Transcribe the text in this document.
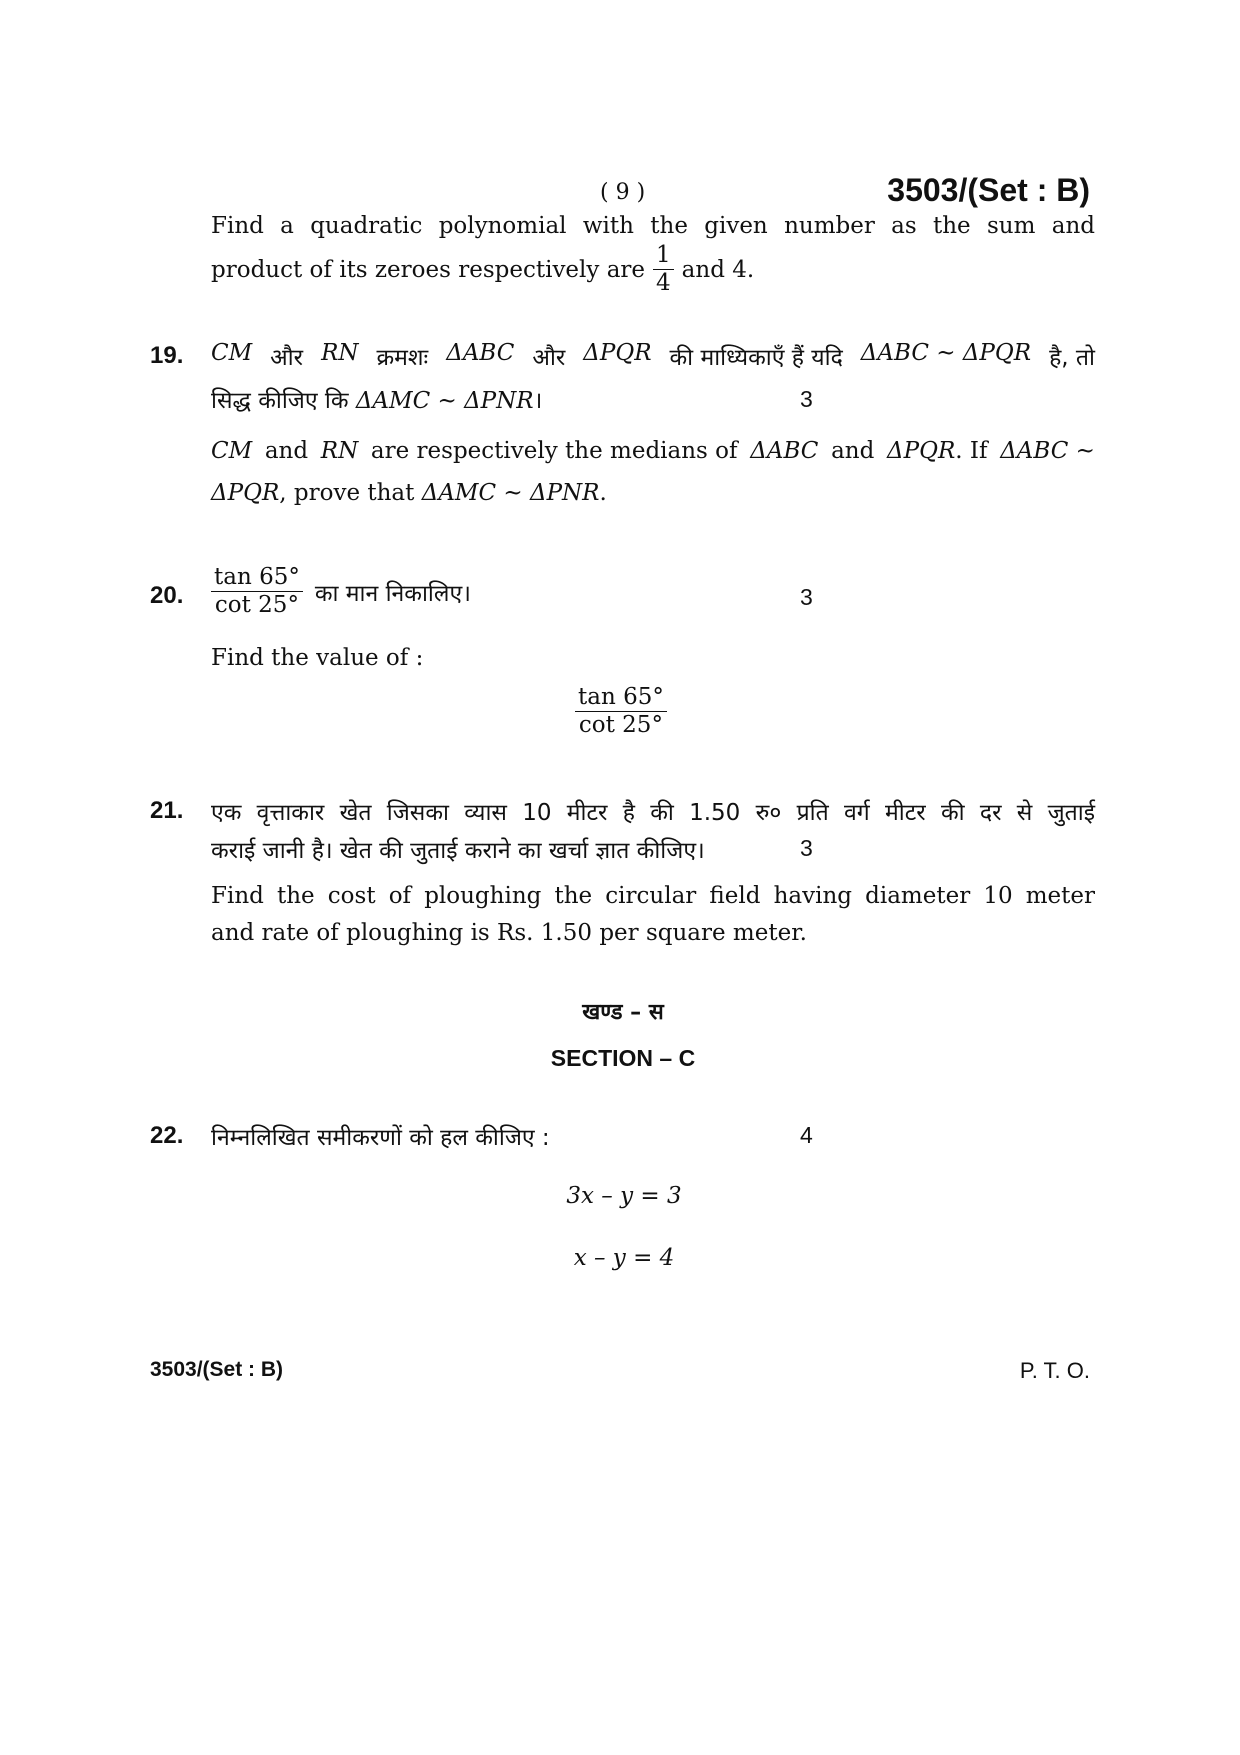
( 9 )	3503/(Set : B)
Find a quadratic polynomial with the given number as the sum and
product of its zeroes respectively are $\frac{1}{4}$ and 4.
19. CM और RN क्रमशः ΔABC और ΔPQR की माध्यिकाएँ हैं यदि ΔABC ~ ΔPQR है, तो
सिद्ध कीजिए कि ΔAMC ~ ΔPNR।	3
CM and RN are respectively the medians of ΔABC and ΔPQR. If ΔABC ~
ΔPQR, prove that ΔAMC ~ ΔPNR.
20. $\frac{\tan 65^\circ}{\cot 25^\circ}$ का मान निकालिए।	3
Find the value of :
$\frac{\tan 65^\circ}{\cot 25^\circ}$
21. एक वृत्ताकार खेत जिसका व्यास 10 मीटर है की 1.50 रु० प्रति वर्ग मीटर की दर से जुताई
कराई जानी है। खेत की जुताई कराने का खर्चा ज्ञात कीजिए।	3
Find the cost of ploughing the circular field having diameter 10 meter
and rate of ploughing is Rs. 1.50 per square meter.
खण्ड – स
SECTION – C
22. निम्नलिखित समीकरणों को हल कीजिए :	4
3x – y = 3
x – y = 4
3503/(Set : B)	P. T. O.
